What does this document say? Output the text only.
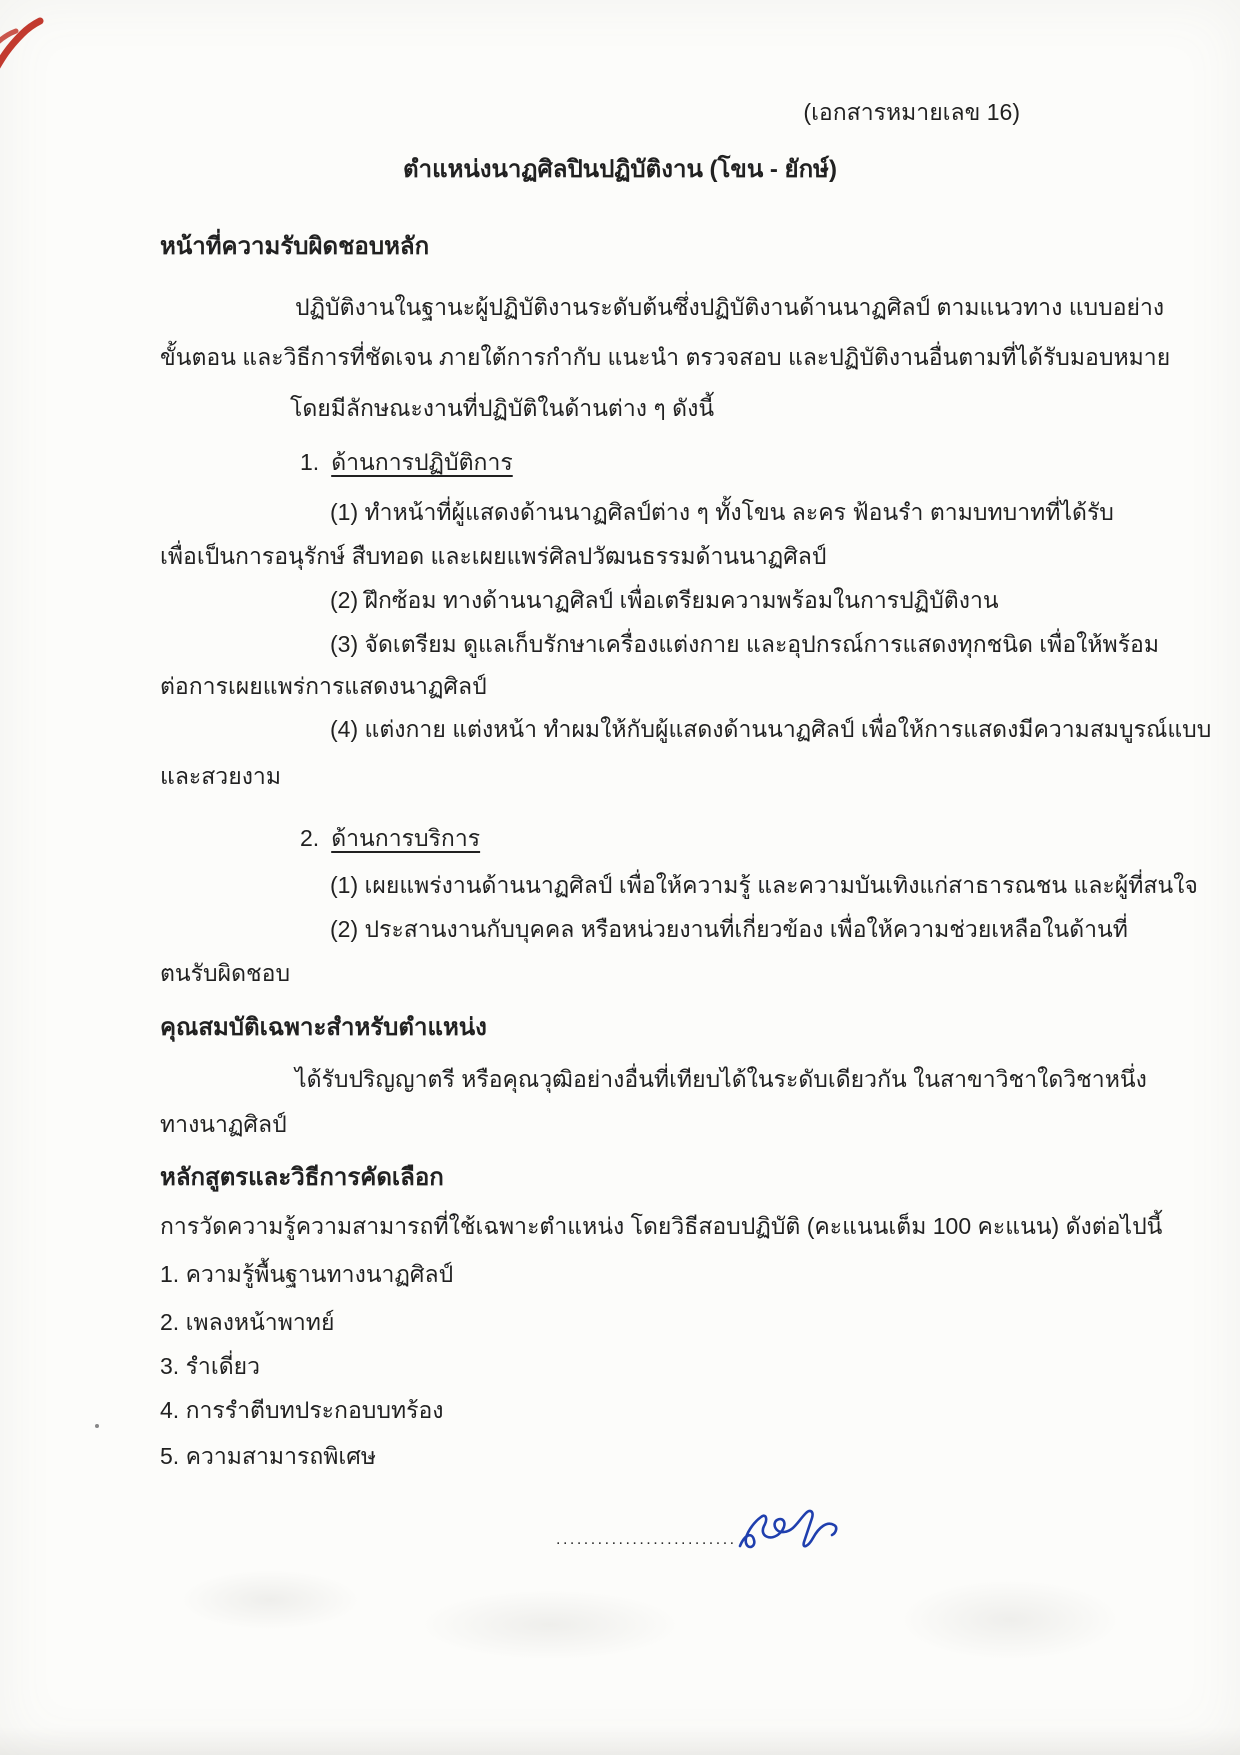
(เอกสารหมายเลข 16)
ตำแหน่งนาฏศิลปินปฏิบัติงาน (โขน - ยักษ์)
หน้าที่ความรับผิดชอบหลัก
ปฏิบัติงานในฐานะผู้ปฏิบัติงานระดับต้นซึ่งปฏิบัติงานด้านนาฏศิลป์ ตามแนวทาง แบบอย่าง
ขั้นตอน และวิธีการที่ชัดเจน ภายใต้การกำกับ แนะนำ ตรวจสอบ และปฏิบัติงานอื่นตามที่ได้รับมอบหมาย
โดยมีลักษณะงานที่ปฏิบัติในด้านต่าง ๆ ดังนี้
1. ด้านการปฏิบัติการ
(1) ทำหน้าที่ผู้แสดงด้านนาฏศิลป์ต่าง ๆ ทั้งโขน ละคร ฟ้อนรำ ตามบทบาทที่ได้รับ
เพื่อเป็นการอนุรักษ์ สืบทอด และเผยแพร่ศิลปวัฒนธรรมด้านนาฏศิลป์
(2) ฝึกซ้อม ทางด้านนาฏศิลป์ เพื่อเตรียมความพร้อมในการปฏิบัติงาน
(3) จัดเตรียม ดูแลเก็บรักษาเครื่องแต่งกาย และอุปกรณ์การแสดงทุกชนิด เพื่อให้พร้อม
ต่อการเผยแพร่การแสดงนาฏศิลป์
(4) แต่งกาย แต่งหน้า ทำผมให้กับผู้แสดงด้านนาฏศิลป์ เพื่อให้การแสดงมีความสมบูรณ์แบบ
และสวยงาม
2. ด้านการบริการ
(1) เผยแพร่งานด้านนาฏศิลป์ เพื่อให้ความรู้ และความบันเทิงแก่สาธารณชน และผู้ที่สนใจ
(2) ประสานงานกับบุคคล หรือหน่วยงานที่เกี่ยวข้อง เพื่อให้ความช่วยเหลือในด้านที่
ตนรับผิดชอบ
คุณสมบัติเฉพาะสำหรับตำแหน่ง
ได้รับปริญญาตรี หรือคุณวุฒิอย่างอื่นที่เทียบได้ในระดับเดียวกัน ในสาขาวิชาใดวิชาหนึ่ง
ทางนาฏศิลป์
หลักสูตรและวิธีการคัดเลือก
การวัดความรู้ความสามารถที่ใช้เฉพาะตำแหน่ง โดยวิธีสอบปฏิบัติ (คะแนนเต็ม 100 คะแนน) ดังต่อไปนี้
1. ความรู้พื้นฐานทางนาฏศิลป์
2. เพลงหน้าพาทย์
3. รำเดี่ยว
4. การรำตีบทประกอบบทร้อง
5. ความสามารถพิเศษ
..........................
